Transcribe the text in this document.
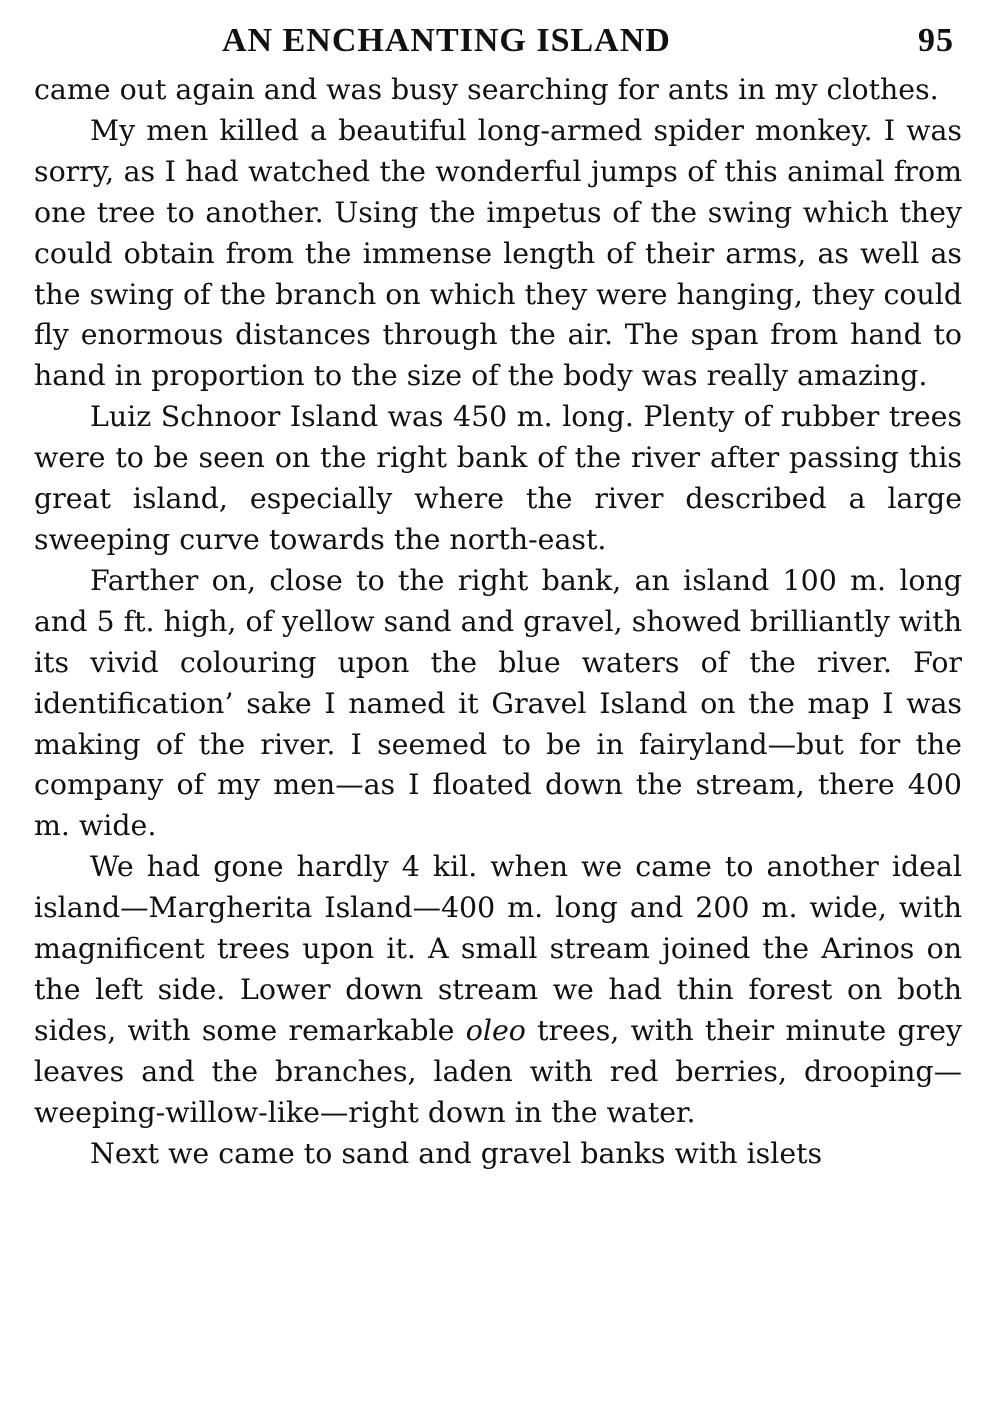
AN ENCHANTING ISLAND	95

came out again and was busy searching for ants in my clothes.

My men killed a beautiful long-armed spider monkey. I was sorry, as I had watched the wonderful jumps of this animal from one tree to another. Using the impetus of the swing which they could obtain from the immense length of their arms, as well as the swing of the branch on which they were hanging, they could fly enormous distances through the air. The span from hand to hand in proportion to the size of the body was really amazing.

Luiz Schnoor Island was 450 m. long. Plenty of rubber trees were to be seen on the right bank of the river after passing this great island, especially where the river described a large sweeping curve towards the north-east.

Farther on, close to the right bank, an island 100 m. long and 5 ft. high, of yellow sand and gravel, showed brilliantly with its vivid colouring upon the blue waters of the river. For identification’ sake I named it Gravel Island on the map I was making of the river. I seemed to be in fairyland—but for the company of my men—as I floated down the stream, there 400 m. wide.

We had gone hardly 4 kil. when we came to another ideal island—Margherita Island—400 m. long and 200 m. wide, with magnificent trees upon it. A small stream joined the Arinos on the left side. Lower down stream we had thin forest on both sides, with some remarkable oleo trees, with their minute grey leaves and the branches, laden with red berries, drooping—weeping-willow-like—right down in the water.

Next we came to sand and gravel banks with islets
